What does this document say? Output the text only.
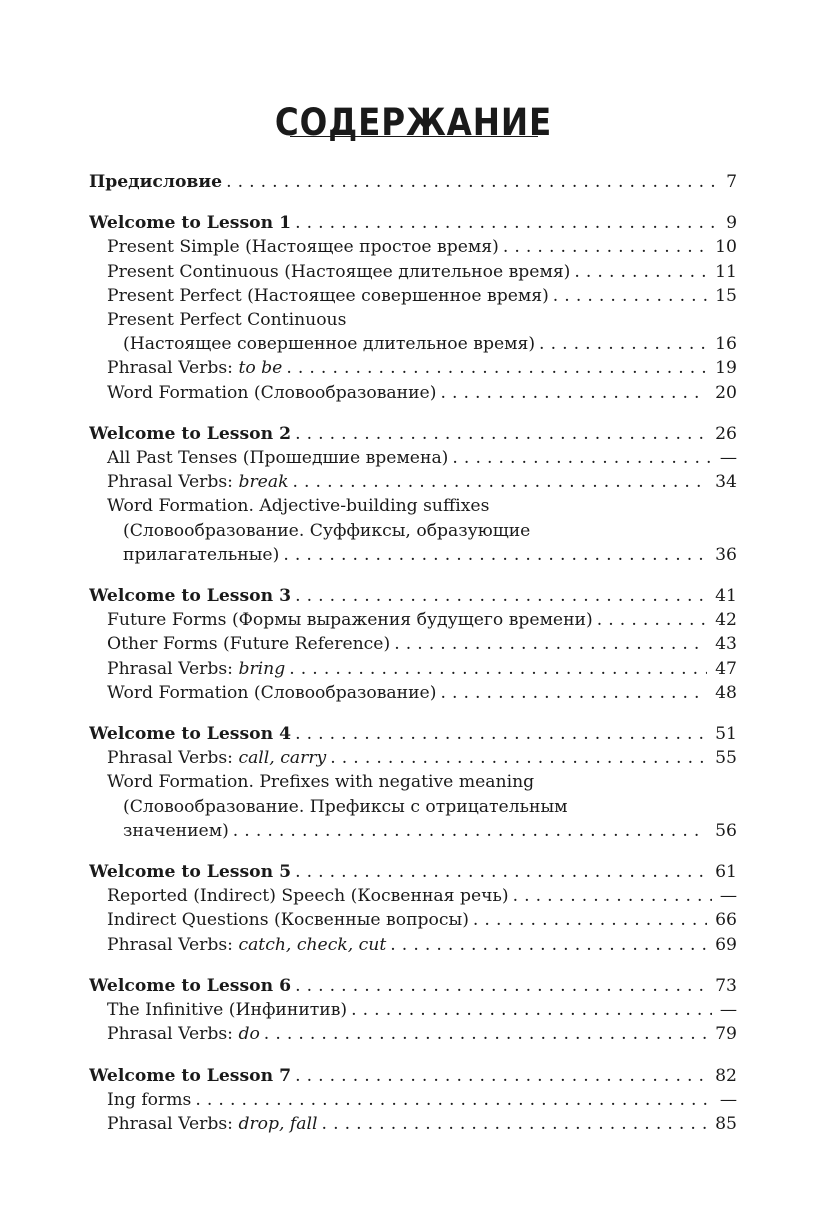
СОДЕРЖАНИЕ
Предисловие . . .	7
Welcome to Lesson 1 . . .	9
Present Simple (Настоящее простое время) . . .	10
Present Continuous (Настоящее длительное время) . . .	11
Present Perfect (Настоящее совершенное время) . . .	15
Present Perfect Continuous
(Настоящее совершенное длительное время) . . .	16
Phrasal Verbs: to be . . .	19
Word Formation (Словообразование) . . .	20
Welcome to Lesson 2 . . .	26
All Past Tenses (Прошедшие времена) . . .	—
Phrasal Verbs: break . . .	34
Word Formation. Adjective-building suffixes
(Словообразование. Суффиксы, образующие
прилагательные) . . .	36
Welcome to Lesson 3 . . .	41
Future Forms (Формы выражения будущего времени) . . .	42
Other Forms (Future Reference) . . .	43
Phrasal Verbs: bring . . .	47
Word Formation (Словообразование) . . .	48
Welcome to Lesson 4 . . .	51
Phrasal Verbs: call, carry . . .	55
Word Formation. Prefixes with negative meaning
(Словообразование. Префиксы с отрицательным
значением) . . .	56
Welcome to Lesson 5 . . .	61
Reported (Indirect) Speech (Косвенная речь) . . .	—
Indirect Questions (Косвенные вопросы) . . .	66
Phrasal Verbs: catch, check, cut . . .	69
Welcome to Lesson 6 . . .	73
The Infinitive (Инфинитив) . . .	—
Phrasal Verbs: do . . .	79
Welcome to Lesson 7 . . .	82
Ing forms . . .	—
Phrasal Verbs: drop, fall . . .	85
